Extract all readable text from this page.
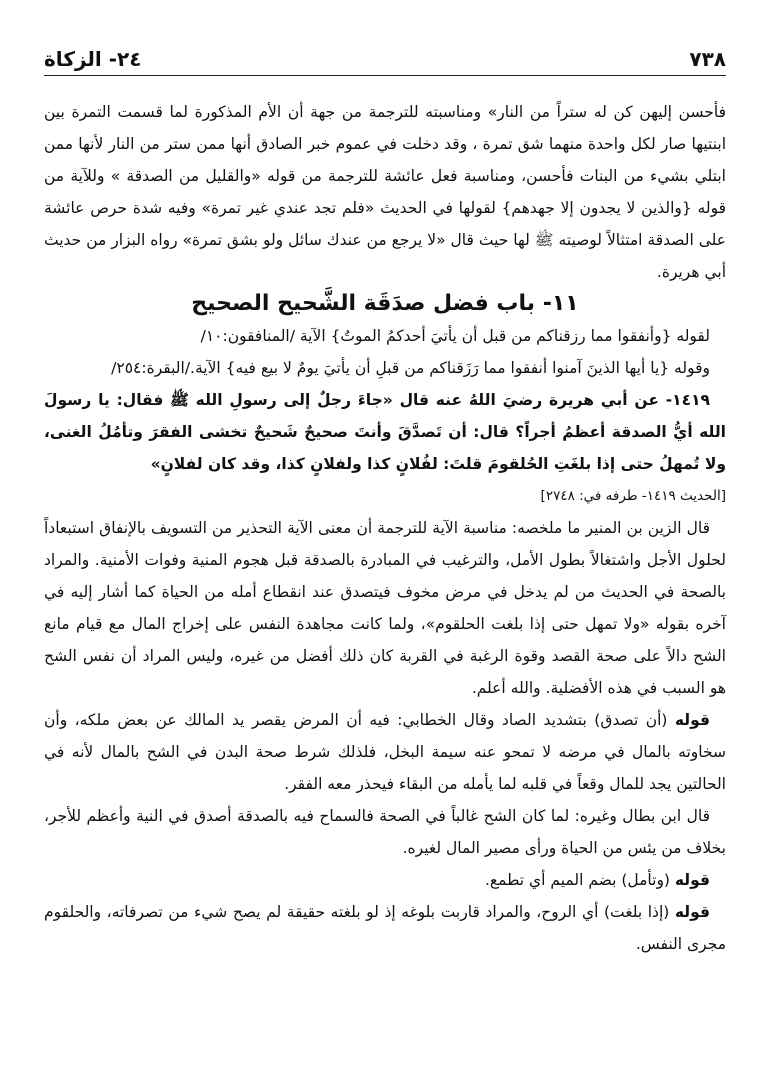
٧٣٨
٢٤- الزكاة

فأحسن إليهن كن له ستراً من النار» ومناسبته للترجمة من جهة أن الأم المذكورة لما قسمت التمرة بين ابنتيها صار لكل واحدة منهما شق تمرة ، وقد دخلت في عموم خبر الصادق أنها ممن ستر من النار لأنها ممن ابتلي بشيء من البنات فأحسن، ومناسبة فعل عائشة للترجمة من قوله «والقليل من الصدقة » وللآية من قوله {والذين لا يجدون إلا جهدهم} لقولها في الحديث «فلم تجد عندي غير تمرة» وفيه شدة حرص عائشة على الصدقة امتثالاً لوصيته ﷺ لها حيث قال «لا يرجع من عندك سائل ولو بشق تمرة» رواه البزار من حديث أبي هريرة.

١١- باب فضل صدَقَة الشَّحيح الصحيح

لقوله {وأنفقوا مما رزقناكم من قبل أن يأتيَ أحدكمُ الموتُ} الآية /المنافقون:١٠/

وقوله {يا أيها الذينَ آمنوا أنفقوا مما رَزَقناكم من قبلِ أن يأتيَ يومٌ لا بيع فيه} الآية./البقرة:٢٥٤/

١٤١٩- عن أبي هريرة رضيَ اللهُ عنه قال «جاءَ رجلٌ إلى رسولِ الله ﷺ فقال: يا رسولَ الله أيُّ الصدقة أعظمُ أجراً؟ قال: أن تَصدَّقَ وأنتَ صحيحٌ شَحيحٌ تخشى الفقرَ وتأمُلُ الغنى، ولا تُمهلُ حتى إذا بلغَتِ الحُلقومَ قلتَ: لفُلانٍ كذا ولفلانٍ كذا، وقد كان لفلانٍ»

[الحديث ١٤١٩- طرفه في: ٢٧٤٨]

قال الزين بن المنير ما ملخصه: مناسبة الآية للترجمة أن معنى الآية التحذير من التسويف بالإنفاق استبعاداً لحلول الأجل واشتغالاً بطول الأمل، والترغيب في المبادرة بالصدقة قبل هجوم المنية وفوات الأمنية. والمراد بالصحة في الحديث من لم يدخل في مرض مخوف فيتصدق عند انقطاع أمله من الحياة كما أشار إليه في آخره بقوله «ولا تمهل حتى إذا بلغت الحلقوم»، ولما كانت مجاهدة النفس على إخراج المال مع قيام مانع الشح دالاً على صحة القصد وقوة الرغبة في القربة كان ذلك أفضل من غيره، وليس المراد أن نفس الشح هو السبب في هذه الأفضلية. والله أعلم.

قوله (أن تصدق) بتشديد الصاد وقال الخطابي: فيه أن المرض يقصر يد المالك عن بعض ملكه، وأن سخاوته بالمال في مرضه لا تمحو عنه سيمة البخل، فلذلك شرط صحة البدن في الشح بالمال لأنه في الحالتين يجد للمال وقعاً في قلبه لما يأمله من البقاء فيحذر معه الفقر.

قال ابن بطال وغيره: لما كان الشح غالباً في الصحة فالسماح فيه بالصدقة أصدق في النية وأعظم للأجر، بخلاف من يئس من الحياة ورأى مصير المال لغيره.

قوله (وتأمل) بضم الميم أي تطمع.

قوله (إذا بلغت) أي الروح، والمراد قاربت بلوغه إذ لو بلغته حقيقة لم يصح شيء من تصرفاته، والحلقوم مجرى النفس.
